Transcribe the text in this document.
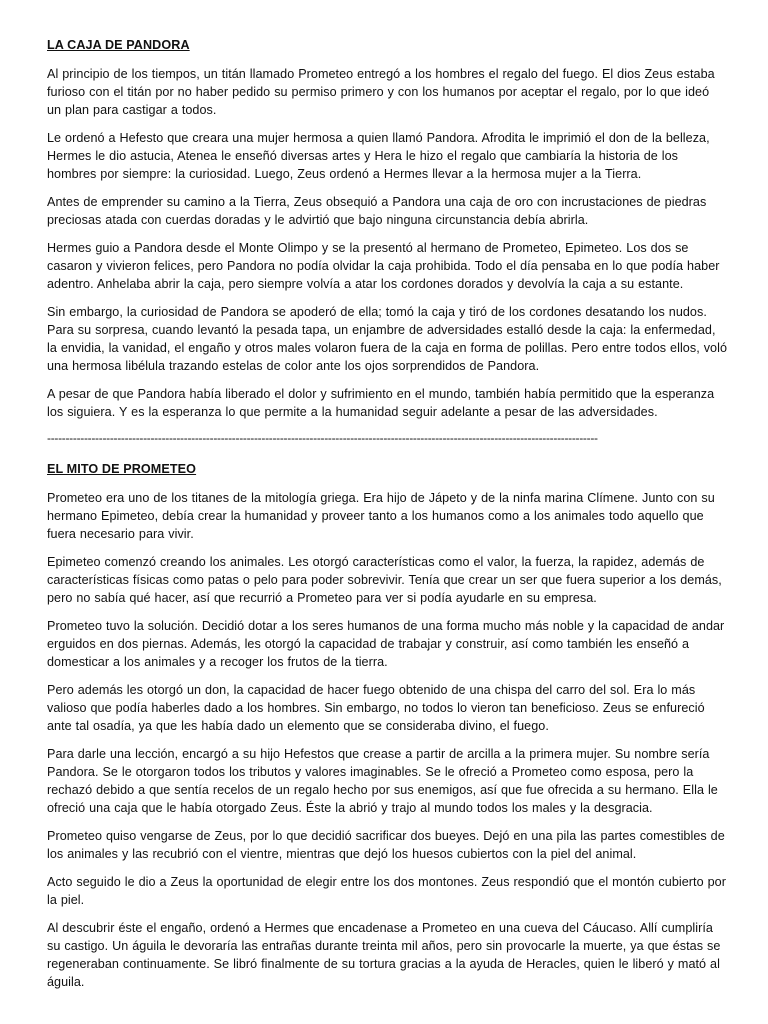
LA CAJA DE PANDORA

Al principio de los tiempos, un titán llamado Prometeo entregó a los hombres el regalo del fuego. El dios Zeus estaba furioso con el titán por no haber pedido su permiso primero y con los humanos por aceptar el regalo, por lo que ideó un plan para castigar a todos.

Le ordenó a Hefesto que creara una mujer hermosa a quien llamó Pandora. Afrodita le imprimió el don de la belleza, Hermes le dio astucia, Atenea le enseñó diversas artes y Hera le hizo el regalo que cambiaría la historia de los hombres por siempre: la curiosidad. Luego, Zeus ordenó a Hermes llevar a la hermosa mujer a la Tierra.

Antes de emprender su camino a la Tierra, Zeus obsequió a Pandora una caja de oro con incrustaciones de piedras preciosas atada con cuerdas doradas y le advirtió que bajo ninguna circunstancia debía abrirla.

Hermes guio a Pandora desde el Monte Olimpo y se la presentó al hermano de Prometeo, Epimeteo. Los dos se casaron y vivieron felices, pero Pandora no podía olvidar la caja prohibida. Todo el día pensaba en lo que podía haber adentro. Anhelaba abrir la caja, pero siempre volvía a atar los cordones dorados y devolvía la caja a su estante.

Sin embargo, la curiosidad de Pandora se apoderó de ella; tomó la caja y tiró de los cordones desatando los nudos. Para su sorpresa, cuando levantó la pesada tapa, un enjambre de adversidades estalló desde la caja: la enfermedad, la envidia, la vanidad, el engaño y otros males volaron fuera de la caja en forma de polillas. Pero entre todos ellos, voló una hermosa libélula trazando estelas de color ante los ojos sorprendidos de Pandora.

A pesar de que Pandora había liberado el dolor y sufrimiento en el mundo, también había permitido que la esperanza los siguiera. Y es la esperanza lo que permite a la humanidad seguir adelante a pesar de las adversidades.

-----------------------------------------------------------------------------------------------------------------------------------------------------
EL MITO DE PROMETEO

Prometeo era uno de los titanes de la mitología griega. Era hijo de Jápeto y de la ninfa marina Clímene. Junto con su hermano Epimeteo, debía crear la humanidad y proveer tanto a los humanos como a los animales todo aquello que fuera necesario para vivir.

Epimeteo comenzó creando los animales. Les otorgó características como el valor, la fuerza, la rapidez, además de características físicas como patas o pelo para poder sobrevivir. Tenía que crear un ser que fuera superior a los demás, pero no sabía qué hacer, así que recurrió a Prometeo para ver si podía ayudarle en su empresa.

Prometeo tuvo la solución. Decidió dotar a los seres humanos de una forma mucho más noble y la capacidad de andar erguidos en dos piernas. Además, les otorgó la capacidad de trabajar y construir, así como también les enseñó a domesticar a los animales y a recoger los frutos de la tierra.

Pero además les otorgó un don, la capacidad de hacer fuego obtenido de una chispa del carro del sol. Era lo más valioso que podía haberles dado a los hombres. Sin embargo, no todos lo vieron tan beneficioso. Zeus se enfureció ante tal osadía, ya que les había dado un elemento que se consideraba divino, el fuego.

Para darle una lección, encargó a su hijo Hefestos que crease a partir de arcilla a la primera mujer. Su nombre sería Pandora. Se le otorgaron todos los tributos y valores imaginables. Se le ofreció a Prometeo como esposa, pero la rechazó debido a que sentía recelos de un regalo hecho por sus enemigos, así que fue ofrecida a su hermano. Ella le ofreció una caja que le había otorgado Zeus. Éste la abrió y trajo al mundo todos los males y la desgracia.

Prometeo quiso vengarse de Zeus, por lo que decidió sacrificar dos bueyes. Dejó en una pila las partes comestibles de los animales y las recubrió con el vientre, mientras que dejó los huesos cubiertos con la piel del animal.

Acto seguido le dio a Zeus la oportunidad de elegir entre los dos montones. Zeus respondió que el montón cubierto por la piel.

Al descubrir éste el engaño, ordenó a Hermes que encadenase a Prometeo en una cueva del Cáucaso. Allí cumpliría su castigo. Un águila le devoraría las entrañas durante treinta mil años, pero sin provocarle la muerte, ya que éstas se regeneraban continuamente. Se libró finalmente de su tortura gracias a la ayuda de Heracles, quien le liberó y mató al águila.
